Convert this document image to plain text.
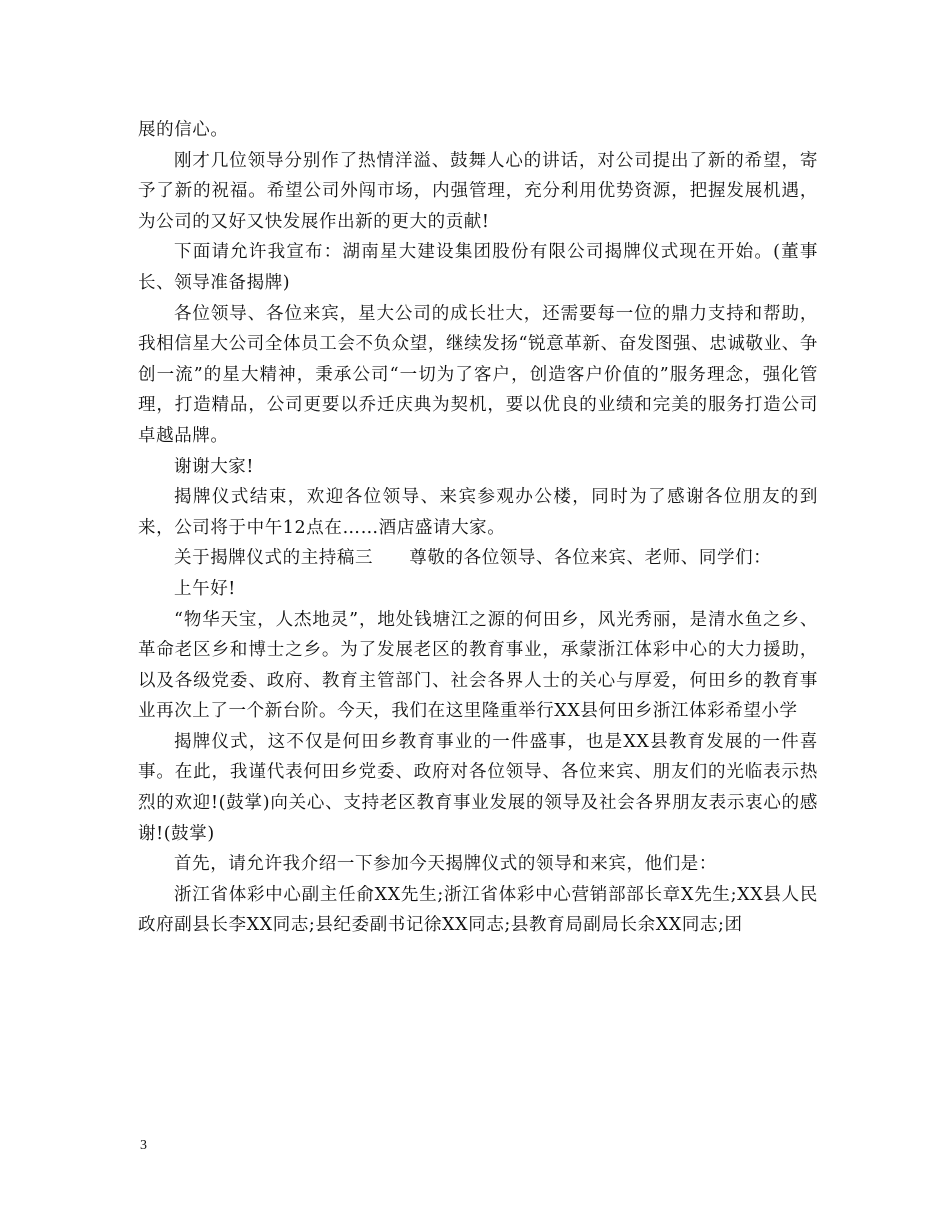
展的信心。

刚才几位领导分别作了热情洋溢、鼓舞人心的讲话，对公司提出了新的希望，寄予了新的祝福。希望公司外闯市场，内强管理，充分利用优势资源，把握发展机遇，为公司的又好又快发展作出新的更大的贡献!

下面请允许我宣布：湖南星大建设集团股份有限公司揭牌仪式现在开始。(董事长、领导准备揭牌)

各位领导、各位来宾，星大公司的成长壮大，还需要每一位的鼎力支持和帮助，我相信星大公司全体员工会不负众望，继续发扬“锐意革新、奋发图强、忠诚敬业、争创一流”的星大精神，秉承公司“一切为了客户，创造客户价值的”服务理念，强化管理，打造精品，公司更要以乔迁庆典为契机，要以优良的业绩和完美的服务打造公司卓越品牌。

谢谢大家!

揭牌仪式结束，欢迎各位领导、来宾参观办公楼，同时为了感谢各位朋友的到来，公司将于中午12点在……酒店盛请大家。

关于揭牌仪式的主持稿三　　尊敬的各位领导、各位来宾、老师、同学们：

上午好!

“物华天宝，人杰地灵”，地处钱塘江之源的何田乡，风光秀丽，是清水鱼之乡、革命老区乡和博士之乡。为了发展老区的教育事业，承蒙浙江体彩中心的大力援助，以及各级党委、政府、教育主管部门、社会各界人士的关心与厚爱，何田乡的教育事业再次上了一个新台阶。今天，我们在这里隆重举行XX县何田乡浙江体彩希望小学

揭牌仪式，这不仅是何田乡教育事业的一件盛事，也是XX县教育发展的一件喜事。在此，我谨代表何田乡党委、政府对各位领导、各位来宾、朋友们的光临表示热烈的欢迎!(鼓掌)向关心、支持老区教育事业发展的领导及社会各界朋友表示衷心的感谢!(鼓掌)

首先，请允许我介绍一下参加今天揭牌仪式的领导和来宾，他们是：

浙江省体彩中心副主任俞XX先生;浙江省体彩中心营销部部长章X先生;XX县人民政府副县长李XX同志;县纪委副书记徐XX同志;县教育局副局长余XX同志;团

3
